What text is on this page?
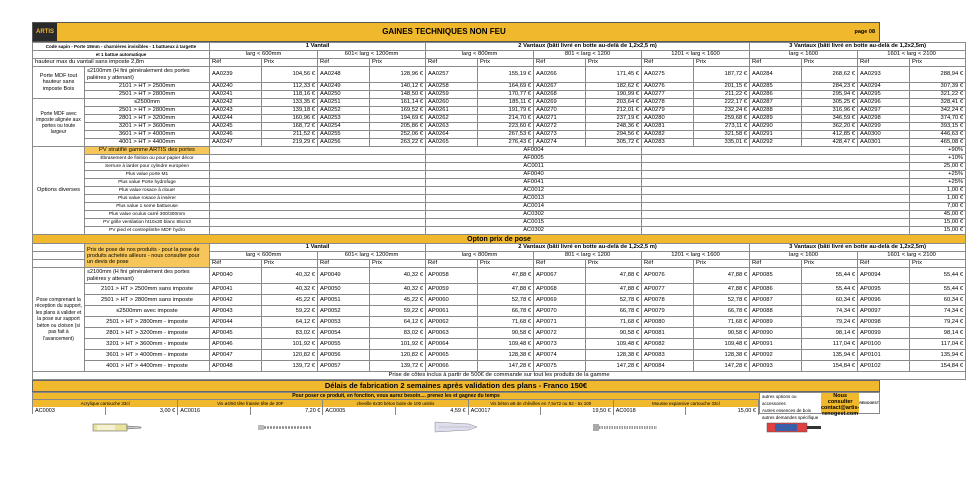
ARTIS	GAINES TECHNIQUES NON FEU	page 08
Code sapin - Porte 19mm - charnières invisibles - 1 battueux à targette		1 Vantail				2 Vantaux (bâti livré en botte au-delà de 1,2x2,5 m)						3 Vantaux (bâti livré en botte au-delà de 1,2x2,5m)			
et 1 battue automatique		larg < 600mm		601< larg < 1200mm		larg < 800mm		801 < larg < 1200		1201 < larg < 1600		larg < 1600		1601 < larg < 2100	
hauteur max du vantail sans imposte 2,8m		Réf	Prix	Réf	Prix	Réf	Prix	Réf	Prix	Réf	Prix	Réf	Prix	Réf	Prix
Porte MDF tout hauteur sans imposte Bois	≤2100mm (H fini généralement des portes palières y attenant)	AA0239	104,56 €	AA0248	128,96 €	AA0257	155,19 €	AA0266	171,45 €	AA0275	187,72 €	AA0284	268,62 €	AA0293	288,94 €
	2101 > HT > 2500mm	AA0240	112,33 €	AA0249	140,12 €	AA0258	164,69 €	AA0267	182,62 €	AA0276	201,15 €	AA0285	284,23 €	AA0294	307,39 €
	2501 > HT > 2800mm	AA0241	118,16 €	AA0250	148,50 €	AA0259	170,77 €	AA0268	190,99 €	AA0277	211,22 €	AA0286	295,94 €	AA0295	321,22 €
Porte MDF avec imposte alignée aux portes ou toute largeur	≤2500mm	AA0242	133,35 €	AA0251	161,14 €	AA0260	185,11 €	AA0269	203,64 €	AA0278	222,17 €	AA0287	305,25 €	AA0296	328,41 €
	2501 > HT > 2800mm	AA0243	139,18 €	AA0252	169,52 €	AA0261	191,79 €	AA0270	212,01 €	AA0279	232,24 €	AA0288	316,96 €	AA0297	342,24 €
	2801 > HT > 3200mm	AA0244	160,96 €	AA0253	194,69 €	AA0262	214,70 €	AA0271	237,19 €	AA0280	259,68 €	AA0289	346,59 €	AA0298	374,70 €
	3201 > HT > 3600mm	AA0245	168,72 €	AA0254	205,86 €	AA0263	223,60 €	AA0272	248,36 €	AA0281	273,11 €	AA0290	362,20 €	AA0299	393,15 €
	3601 > HT > 4000mm	AA0246	211,52 €	AA0255	252,06 €	AA0264	267,53 €	AA0273	294,56 €	AA0282	321,58 €	AA0291	412,85 €	AA0300	446,63 €
	4001 > HT > 4400mm	AA0247	219,29 €	AA0256	263,22 €	AA0265	276,43 €	AA0274	305,72 €	AA0283	335,01 €	AA0292	428,47 €	AA0301	465,08 €
Options diverses	PV stratifié gamme ARTIS des portes					AF0004									+90%
	Ébrasement de finition ou pour papier décor					AF0005									+10%
	Serrure à larder pour cylindre européen					AC0011									25,00 €
	Plus value porte M1					AF0040									+25%
	Plus value Porte hydrofuge					AF0041									+25%
	Plus value rosace à clouer					AC0012									1,00 €
	Plus value rosace à insérer					AC0013									1,00 €
	Plus value 1 seme battueuse					AC0014									7,00 €
	Plus value oculus carré 300/300mm					AC0302									45,00 €
	PV grille ventilation ht10x30 blanc 85cm3					AC0015									15,00 €
	PV pied et contreplinthe MDF hydro					AC0302									15,00 €
Opton prix de pose															
	Prix de pose de nos produits - pour la pose de produits achetés ailleurs - nous consulter pour un devis de pose	1 Vantail				2 Vantaux (bâti livré en botte au-delà de 1,2x2,5 m)						3 Vantaux (bâti livré en botte au-delà de 1,2x2,5m)			
		larg < 600mm		601< larg < 1200mm		larg < 800mm		801 < larg < 1200		1201 < larg < 1600		larg < 1600		1601 < larg < 2100	
		Réf	Prix	Réf	Prix	Réf	Prix	Réf	Prix	Réf	Prix	Réf	Prix	Réf	Prix
Pose comprenant la réception du support, les plans à valider et la pose sur support béton ou cloison (si pas fait à l'avancement)	≤2100mm (H fini généralement des portes palières y attenant)	AP0040	40,32 €	AP0049	40,32 €	AP0058	47,88 €	AP0067	47,88 €	AP0076	47,88 €	AP0085	55,44 €	AP0094	55,44 €
	2101 > HT > 2500mm sans imposte	AP0041	40,32 €	AP0050	40,32 €	AP0059	47,88 €	AP0068	47,88 €	AP0077	47,88 €	AP0086	55,44 €	AP0095	55,44 €
	2501 > HT > 2800mm sans imposte	AP0042	45,22 €	AP0051	45,22 €	AP0060	52,78 €	AP0069	52,78 €	AP0078	52,78 €	AP0087	60,34 €	AP0096	60,34 €
	≤2500mm avec imposte	AP0043	59,22 €	AP0052	59,22 €	AP0061	66,78 €	AP0070	66,78 €	AP0079	66,78 €	AP0088	74,34 €	AP0097	74,34 €
	2501 > HT > 2800mm - imposte	AP0044	64,12 €	AP0053	64,12 €	AP0062	71,68 €	AP0071	71,68 €	AP0080	71,68 €	AP0089	79,24 €	AP0098	79,24 €
	2801 > HT > 3200mm - imposte	AP0045	83,02 €	AP0054	83,02 €	AP0063	90,58 €	AP0072	90,58 €	AP0081	90,58 €	AP0090	98,14 €	AP0099	98,14 €
	3201 > HT > 3600mm - imposte	AP0046	101,92 €	AP0055	101,92 €	AP0064	109,48 €	AP0073	109,48 €	AP0082	109,48 €	AP0091	117,04 €	AP0100	117,04 €
	3601 > HT > 4000mm - imposte	AP0047	120,82 €	AP0056	120,82 €	AP0065	128,38 €	AP0074	128,38 €	AP0083	128,38 €	AP0092	135,94 €	AP0101	135,94 €
	4001 > HT > 4400mm - imposte	AP0048	139,72 €	AP0057	139,72 €	AP0066	147,28 €	AP0075	147,28 €	AP0084	147,28 €	AP0093	154,84 €	AP0102	154,84 €
Prise de côtes inclus à partir de 500€ de commande sur tout les produits de la gamme															
Délais de fabrication 2 semaines après validation des plans - Franco 150€
Pour poser ce produit, en fonction, vous aurez besoin.... prenez les et gagnez du temps
Acrylique cartouche 33cl	Vis ø4/50 tête fraisée tête de 20F	cheville 6x30 béton boite de 100 unités	Vis béton ø8 de chêvilles en 7,5x72 ou 82 - 5x 100	Mousse expansive cartouche 33cl
AC0003	3,00 € AC0016	7,20 € AC0005	4,59 € AC0017	19,50 € AC0018	15,00 €
autres options ou accessoires
Autres essences de bois
autres demandes spécifique
Nous consulter
contact@artis-
renogest.com
RENOGEST
